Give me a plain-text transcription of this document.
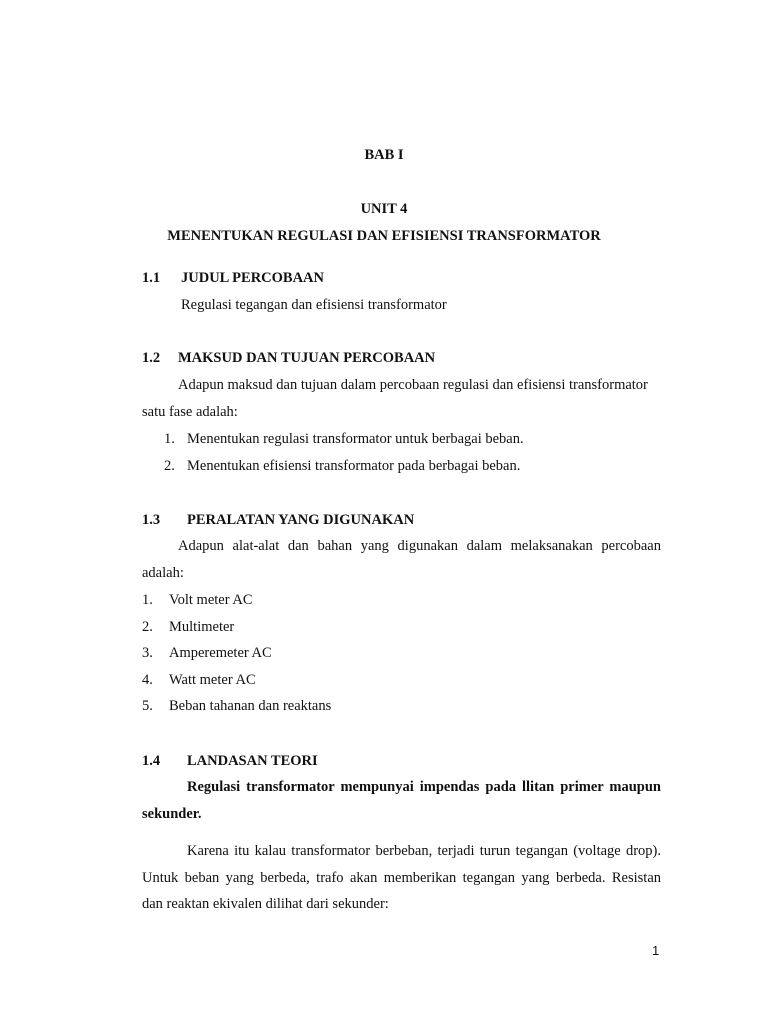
BAB I
UNIT 4
MENENTUKAN REGULASI DAN EFISIENSI TRANSFORMATOR
1.1 JUDUL PERCOBAAN
Regulasi tegangan dan efisiensi transformator
1.2 MAKSUD DAN TUJUAN PERCOBAAN
Adapun maksud dan tujuan dalam percobaan regulasi dan efisiensi transformator
satu fase adalah:
1. Menentukan regulasi transformator untuk berbagai beban.
2. Menentukan efisiensi transformator pada berbagai beban.
1.3 PERALATAN YANG DIGUNAKAN
Adapun alat-alat dan bahan yang digunakan dalam melaksanakan percobaan
adalah:
1. Volt meter AC
2. Multimeter
3. Amperemeter AC
4. Watt meter AC
5. Beban tahanan dan reaktans
1.4 LANDASAN TEORI
Regulasi transformator mempunyai impendas pada llitan primer maupun
sekunder.
Karena itu kalau transformator berbeban, terjadi turun tegangan (voltage drop).
Untuk beban yang berbeda, trafo akan memberikan tegangan yang berbeda. Resistan
dan reaktan ekivalen dilihat dari sekunder:
1
